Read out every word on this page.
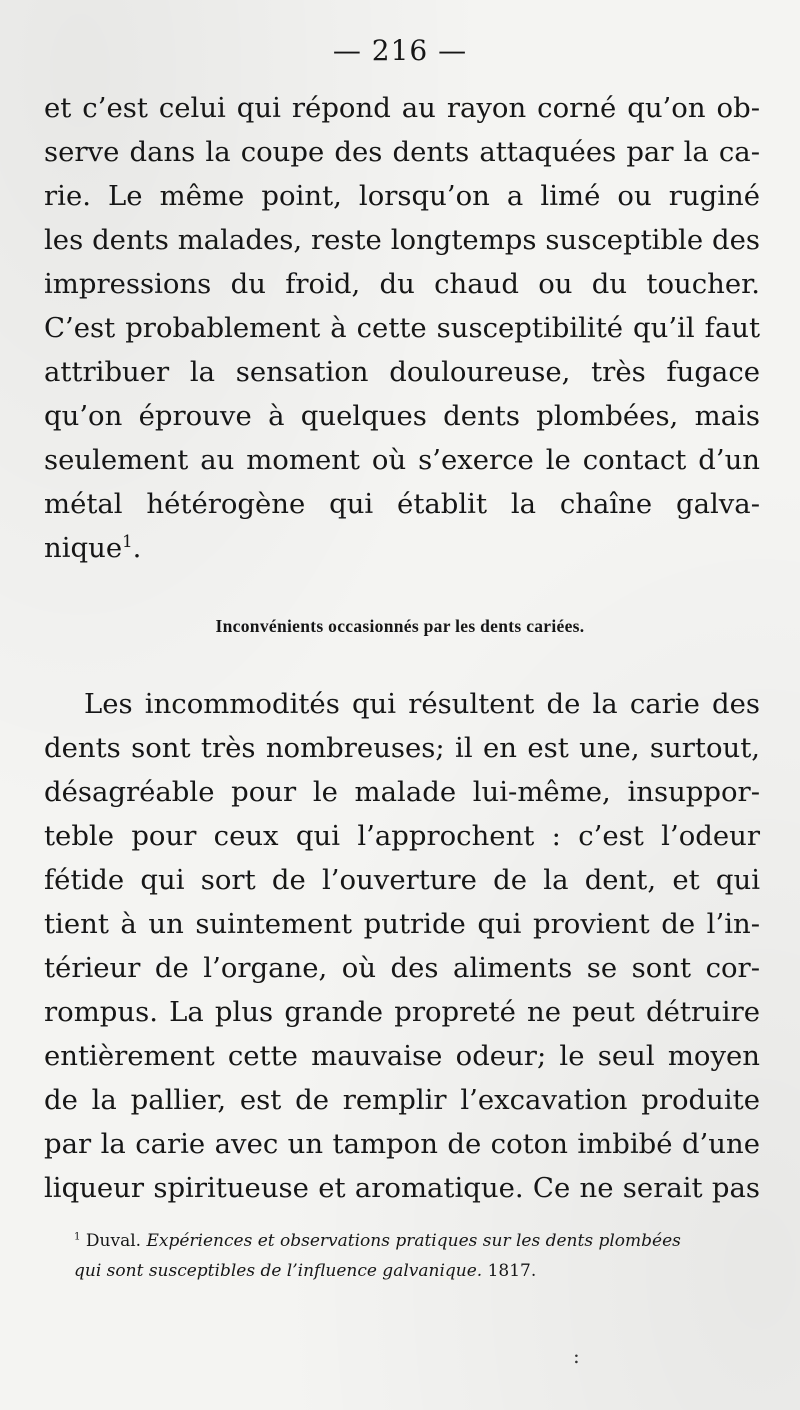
— 216 —
et c’est celui qui répond au rayon corné qu’on ob-
serve dans la coupe des dents attaquées par la ca-
rie. Le même point, lorsqu’on a limé ou ruginé
les dents malades, reste longtemps susceptible des
impressions du froid, du chaud ou du toucher.
C’est probablement à cette susceptibilité qu’il faut
attribuer la sensation douloureuse, très fugace
qu’on éprouve à quelques dents plombées, mais
seulement au moment où s’exerce le contact d’un
métal hétérogène qui établit la chaîne galva-
nique$^1$.
Inconvénients occasionnés par les dents cariées.
Les incommodités qui résultent de la carie des
dents sont très nombreuses; il en est une, surtout,
désagréable pour le malade lui-même, insuppor-
teble pour ceux qui l’approchent : c’est l’odeur
fétide qui sort de l’ouverture de la dent, et qui
tient à un suintement putride qui provient de l’in-
térieur de l’organe, où des aliments se sont cor-
rompus. La plus grande propreté ne peut détruire
entièrement cette mauvaise odeur; le seul moyen
de la pallier, est de remplir l’excavation produite
par la carie avec un tampon de coton imbibé d’une
liqueur spiritueuse et aromatique. Ce ne serait pas
$^1$ Duval. Expériences et observations pratiques sur les dents plombées
qui sont susceptibles de l’influence galvanique. 1817.
:
